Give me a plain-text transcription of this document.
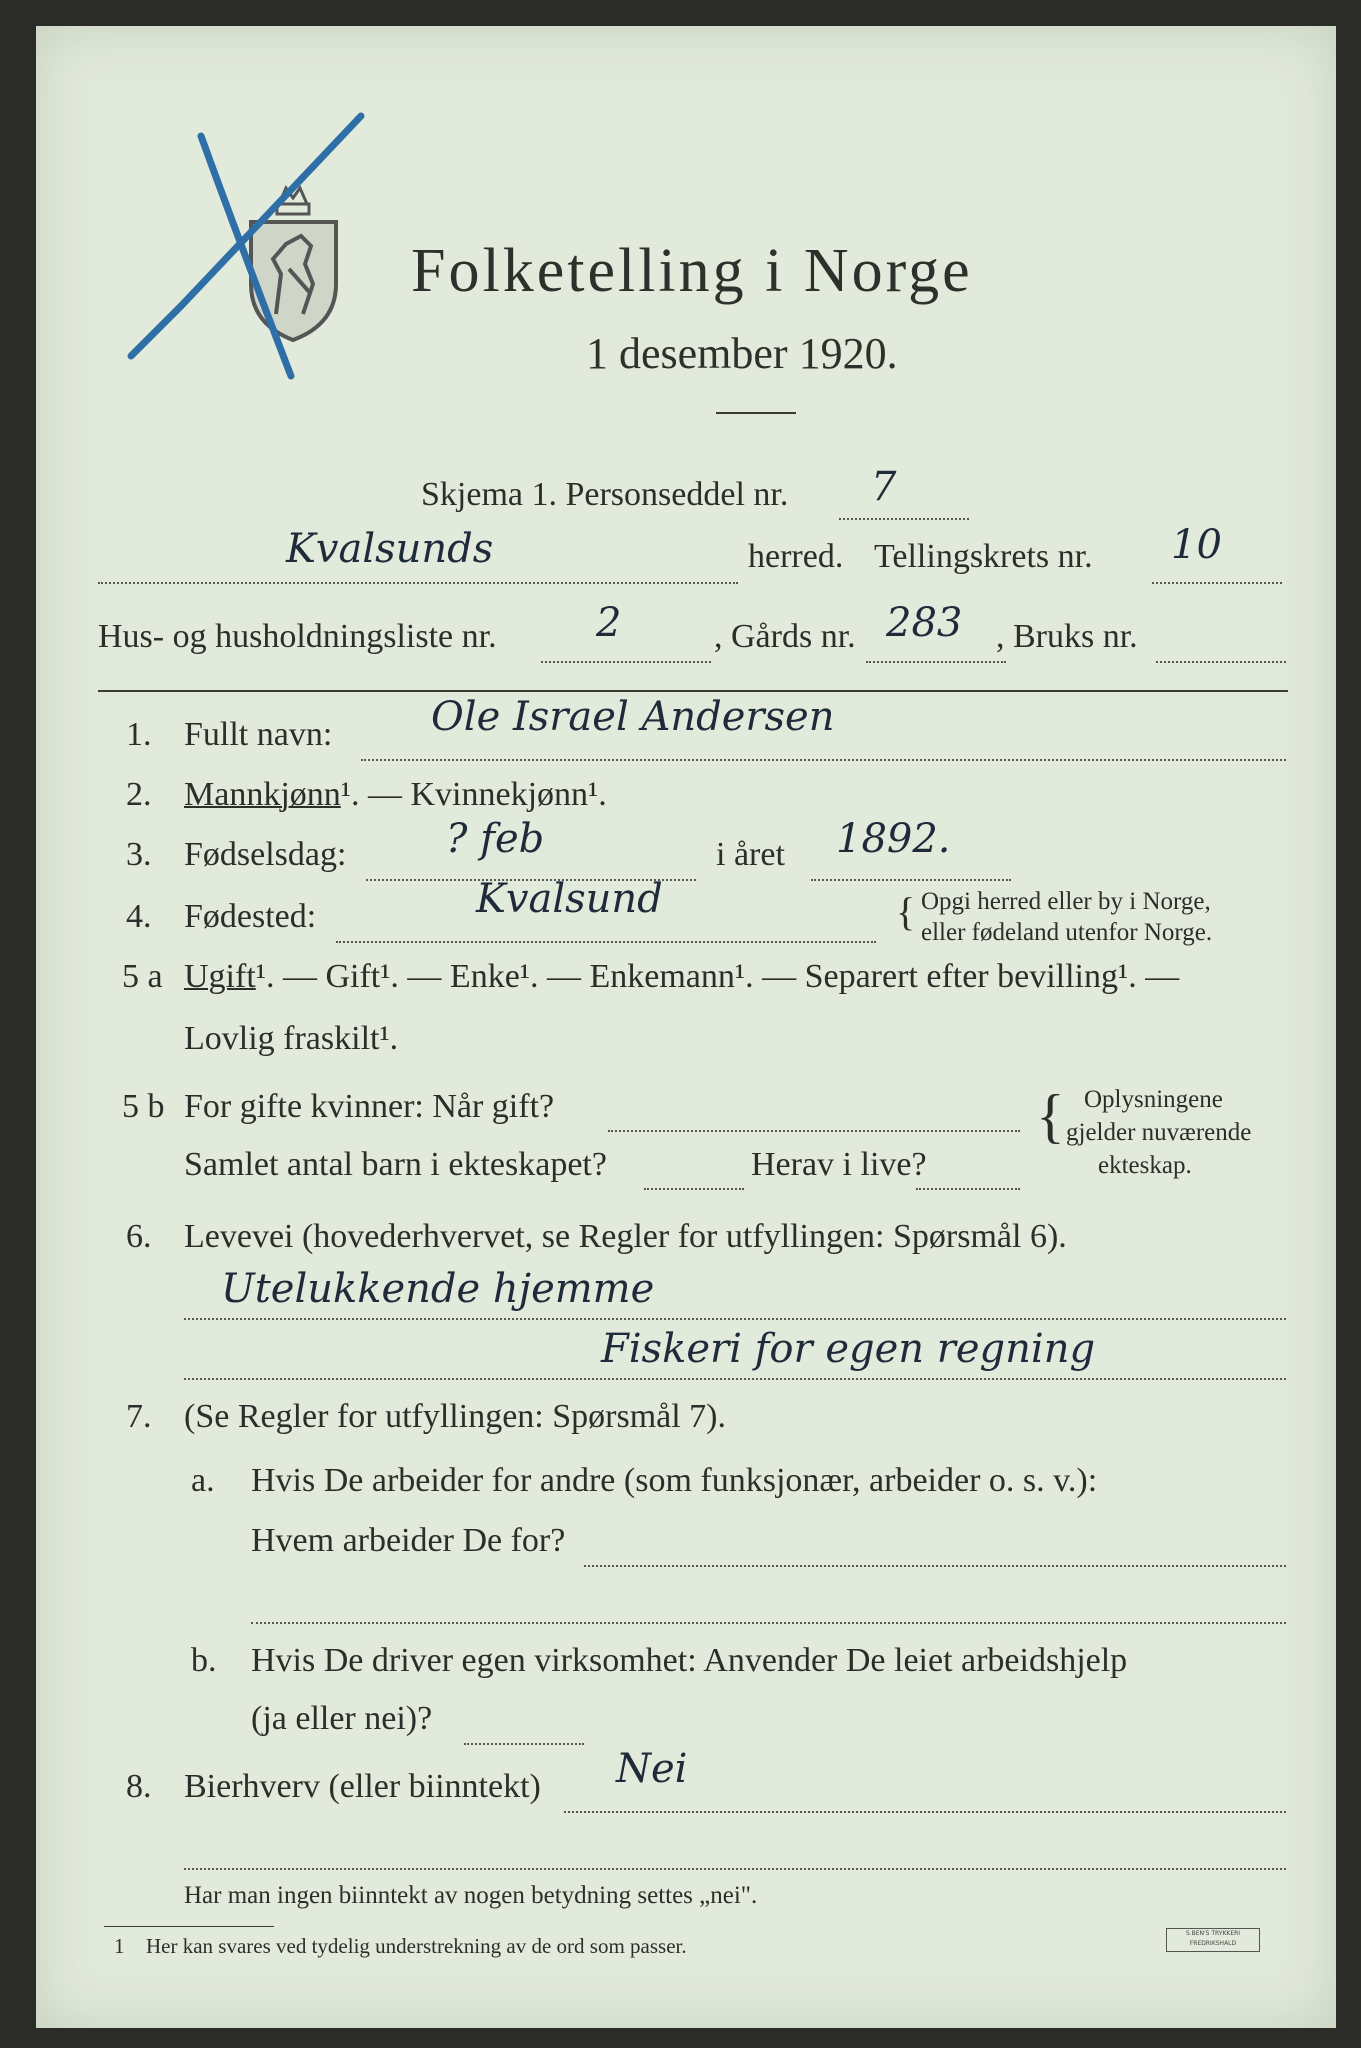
Folketelling i Norge
1 desember 1920.
Skjema 1. Personseddel nr. 7
Kvalsunds	herred. Tellingskrets nr. 10
Hus- og husholdningsliste nr. 2	, Gårds nr. 283 , Bruks nr.
1. Fullt navn: Ole Israel Andersen
2. Mannkjønn¹. — Kvinnekjønn¹.
3. Fødselsdag: ? feb	i året 1892.
4. Fødested:	Kvalsund	{ Opgi herred eller by i Norge,
eller fødeland utenfor Norge.
5 a Ugift¹. — Gift¹. — Enke¹. — Enkemann¹. — Separert efter bevilling¹. —
Lovlig fraskilt¹.
5 b For gifte kvinner: Når gift?
Samlet antal barn i ekteskapet?	Herav i live?
{ Oplysningene
gjelder nuværende
ekteskap.
6. Levevei (hovederhvervet, se Regler for utfyllingen: Spørsmål 6).
Utelukkende hjemme
Fiskeri for egen regning
7. (Se Regler for utfyllingen: Spørsmål 7).
a. Hvis De arbeider for andre (som funksjonær, arbeider o. s. v.):
Hvem arbeider De for?
b. Hvis De driver egen virksomhet: Anvender De leiet arbeidshjelp
(ja eller nei)?
8. Bierhverv (eller biinntekt) Nei
Har man ingen biinntekt av nogen betydning settes „nei".
1 Her kan svares ved tydelig understrekning av de ord som passer.
S.BEN'S TRYKKERI FREDRIKSHALD
